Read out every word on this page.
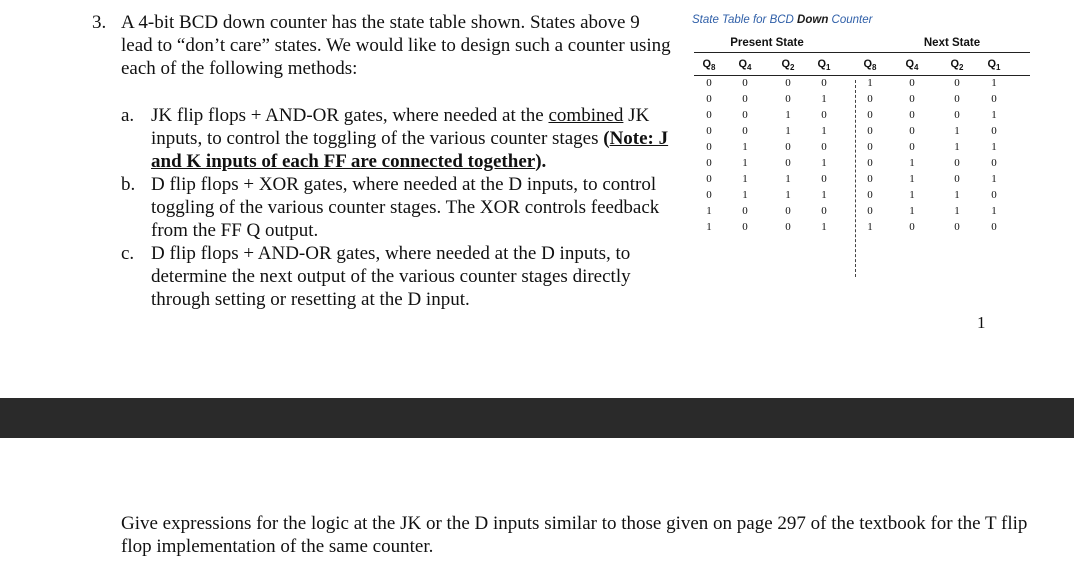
3. A 4-bit BCD down counter has the state table shown. States above 9 lead to “don’t care” states. We would like to design such a counter using each of the following methods:
a. JK flip flops + AND-OR gates, where needed at the combined JK inputs, to control the toggling of the various counter stages (Note: J and K inputs of each FF are connected together).
b. D flip flops + XOR gates, where needed at the D inputs, to control toggling of the various counter stages. The XOR controls feedback from the FF Q output.
c. D flip flops + AND-OR gates, where needed at the D inputs, to determine the next output of the various counter stages directly through setting or resetting at the D input.
State Table for BCD Down Counter
Present State	Next State
$Q_8$	$Q_4$	$Q_2$	$Q_1$	$Q_8$	$Q_4$	$Q_2$	$Q_1$
0	0	0	0	1	0	0	1
0	0	0	1	0	0	0	0
0	0	1	0	0	0	0	1
0	0	1	1	0	0	1	0
0	1	0	0	0	0	1	1
0	1	0	1	0	1	0	0
0	1	1	0	0	1	0	1
0	1	1	1	0	1	1	0
1	0	0	0	0	1	1	1
1	0	0	1	1	0	0	0
1
Give expressions for the logic at the JK or the D inputs similar to those given on page 297 of the textbook for the T flip flop implementation of the same counter.
